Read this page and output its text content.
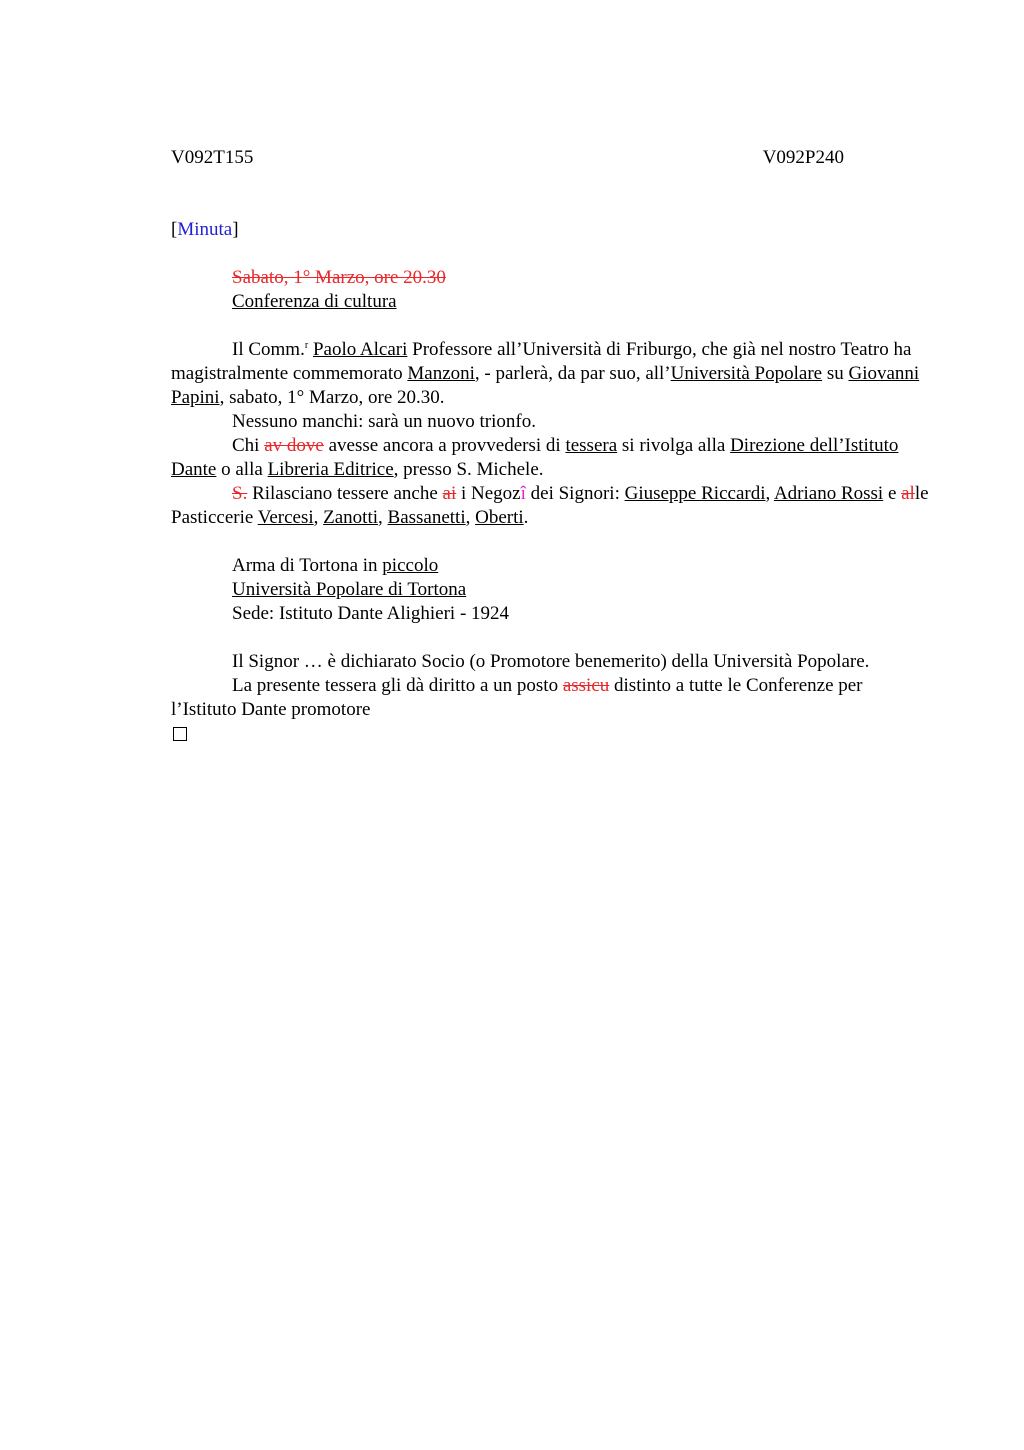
V092T155	V092P240
[Minuta]
Sabato, 1° Marzo, ore 20.30
Conferenza di cultura
Il Comm.$^r$ Paolo Alcari Professore all’Università di Friburgo, che già nel nostro Teatro ha magistralmente commemorato Manzoni, - parlerà, da par suo, all’Università Popolare su Giovanni Papini, sabato, 1° Marzo, ore 20.30.
Nessuno manchi: sarà un nuovo trionfo.
Chi av dove avesse ancora a provvedersi di tessera si rivolga alla Direzione dell’Istituto Dante o alla Libreria Editrice, presso S. Michele.
S. Rilasciano tessere anche ai i Negozî dei Signori: Giuseppe Riccardi, Adriano Rossi e alle Pasticcerie Vercesi, Zanotti, Bassanetti, Oberti.
Arma di Tortona in piccolo
Università Popolare di Tortona
Sede: Istituto Dante Alighieri - 1924
Il Signor … è dichiarato Socio (o Promotore benemerito) della Università Popolare.
La presente tessera gli dà diritto a un posto assicu distinto a tutte le Conferenze per l’Istituto Dante promotore
